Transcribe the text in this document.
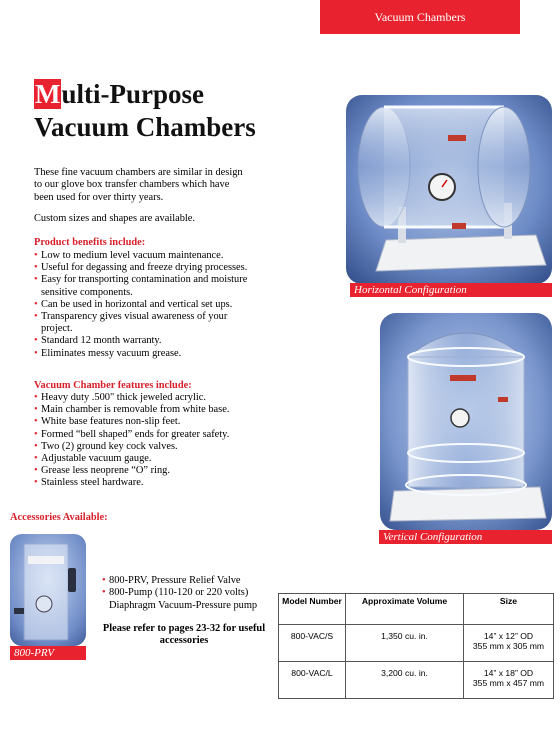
Vacuum Chambers
Multi-Purpose
Vacuum Chambers
These fine vacuum chambers are similar in design to our glove box transfer chambers which have been used for over thirty years.
Custom sizes and shapes are available.
Product benefits include:
• Low to medium level vacuum maintenance.
• Useful for degassing and freeze drying processes.
• Easy for transporting contamination and moisture sensitive components.
• Can be used in horizontal and vertical set ups.
• Transparency gives visual awareness of your project.
• Standard 12 month warranty.
• Eliminates messy vacuum grease.
Vacuum Chamber features include:
• Heavy duty .500" thick jeweled acrylic.
• Main chamber is removable from white base.
• White base features non-slip feet.
• Formed “bell shaped” ends for greater safety.
• Two (2) ground key cock valves.
• Adjustable vacuum gauge.
• Grease less neoprene “O” ring.
• Stainless steel hardware.
Horizontal Configuration
Vertical Configuration
Accessories Available:
800-PRV
• 800-PRV, Pressure Relief Valve
• 800-Pump (110-120 or 220 volts) Diaphragm Vacuum-Pressure pump
Please refer to pages 23-32 for useful accessories
Model Number	Approximate Volume	Size
800-VAC/S	1,350 cu. in.	14” x 12” OD
355 mm x 305 mm
800-VAC/L	3,200 cu. in.	14” x 18” OD
355 mm x 457 mm
